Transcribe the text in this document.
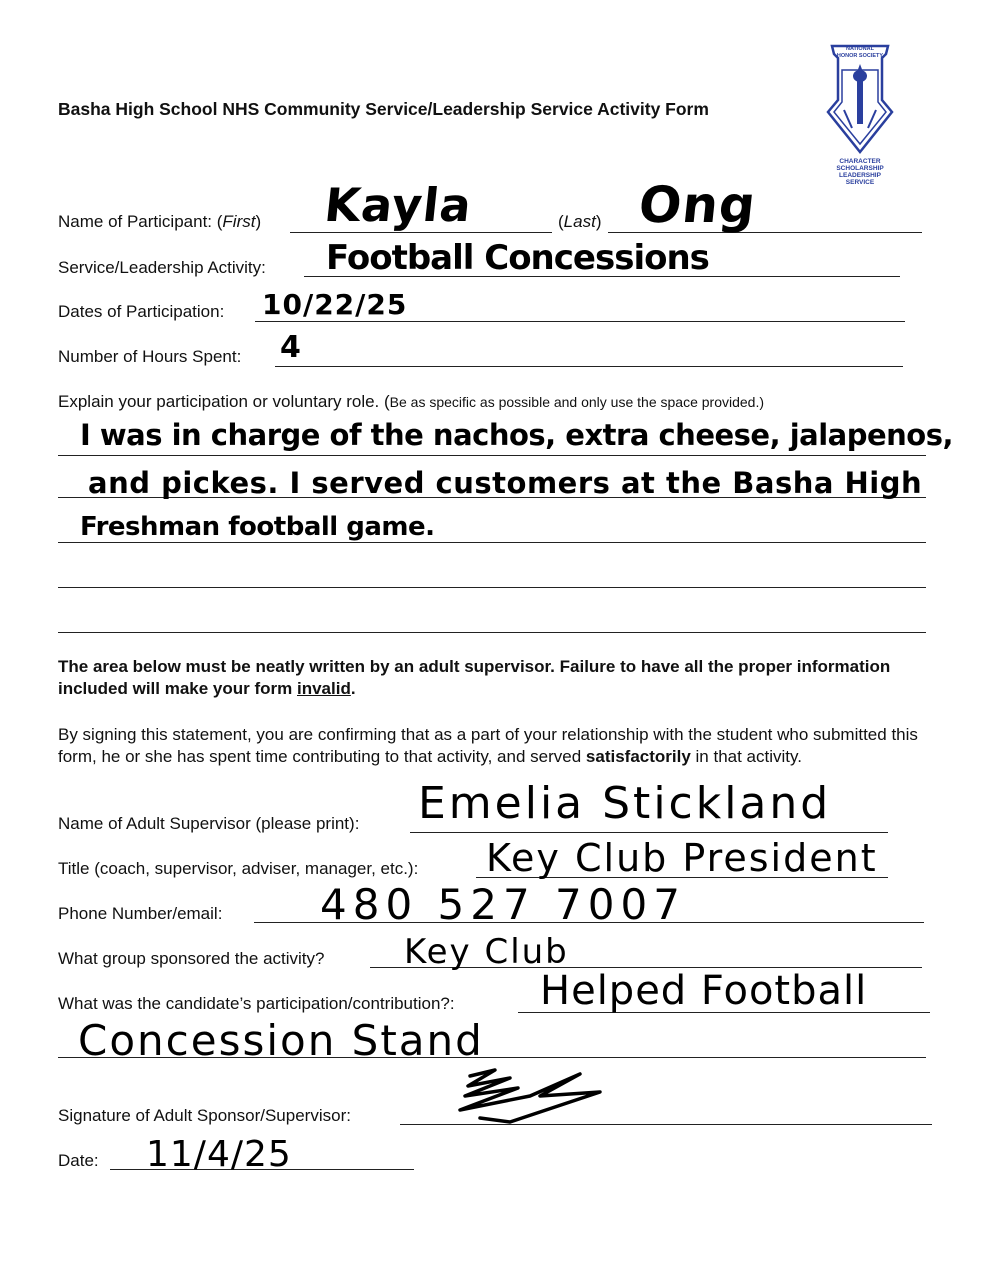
Basha High School NHS Community Service/Leadership Service Activity Form
CHARACTER
SCHOLARSHIP
LEADERSHIP
SERVICE
NATIONAL HONOR SOCIETY
Name of Participant: (First)	(Last)
Kayla	Ong
Service/Leadership Activity: Football Concessions
Dates of Participation: 10/22/25
Number of Hours Spent: 4
Explain your participation or voluntary role. (Be as specific as possible and only use the space provided.)
I was in charge of the nachos, extra cheese, jalapenos,
and pickes. I served customers at the Basha High
Freshman football game.
The area below must be neatly written by an adult supervisor. Failure to have all the proper information included will make your form invalid.
By signing this statement, you are confirming that as a part of your relationship with the student who submitted this form, he or she has spent time contributing to that activity, and served satisfactorily in that activity.
Name of Adult Supervisor (please print): Emelia Stickland
Title (coach, supervisor, adviser, manager, etc.): Key Club President
Phone Number/email: 480 527 7007
What group sponsored the activity? Key Club
What was the candidate’s participation/contribution?: Helped Football
Concession Stand
Signature of Adult Sponsor/Supervisor:
Date: 11/4/25
